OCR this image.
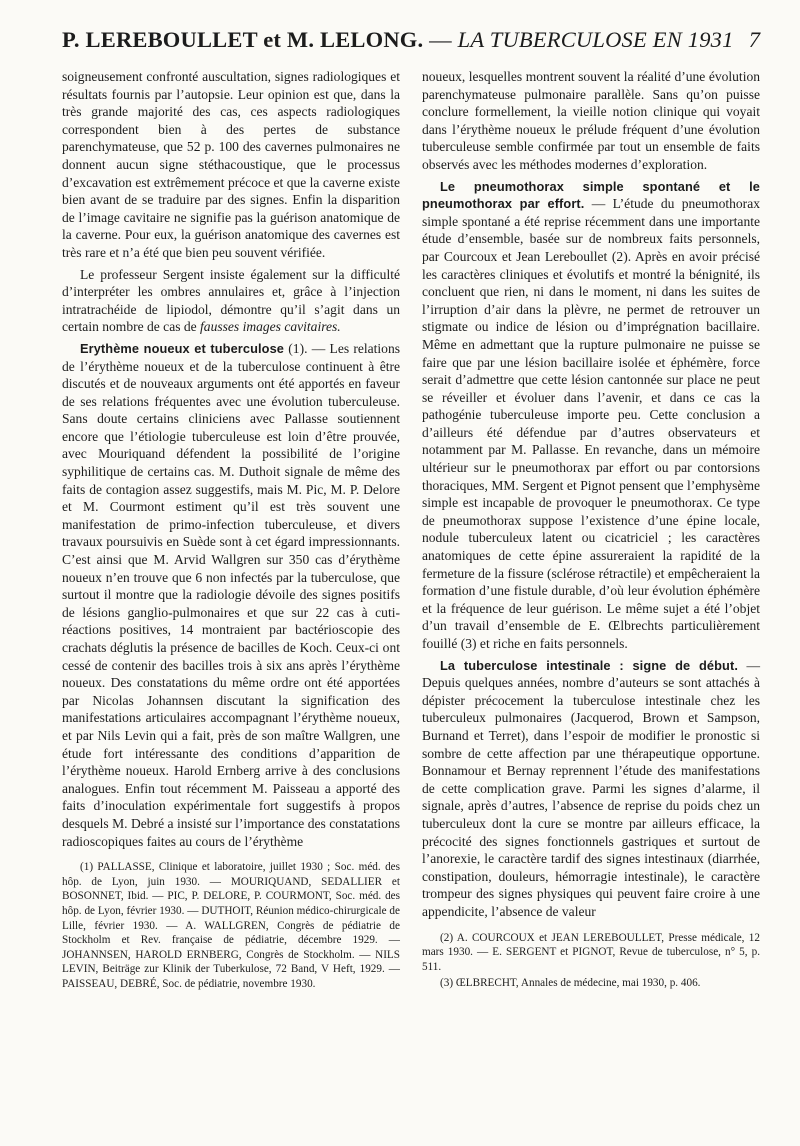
P. LEREBOULLET et M. LELONG. — LA TUBERCULOSE EN 1931 7

soigneusement confronté auscultation, signes radiologiques et résultats fournis par l’autopsie. Leur opinion est que, dans la très grande majorité des cas, ces aspects radiologiques correspondent bien à des pertes de substance parenchymateuse, que 52 p. 100 des cavernes pulmonaires ne donnent aucun signe stéthacoustique, que le processus d’excavation est extrêmement précoce et que la caverne existe bien avant de se traduire par des signes. Enfin la disparition de l’image cavitaire ne signifie pas la guérison anatomique de la caverne. Pour eux, la guérison anatomique des cavernes est très rare et n’a été que bien peu souvent vérifiée.

Le professeur Sergent insiste également sur la difficulté d’interpréter les ombres annulaires et, grâce à l’injection intratrachéide de lipiodol, démontre qu’il s’agit dans un certain nombre de cas de fausses images cavitaires.

Erythème noueux et tuberculose (1). — Les relations de l’érythème noueux et de la tuberculose continuent à être discutés et de nouveaux arguments ont été apportés en faveur de ses relations fréquentes avec une évolution tuberculeuse. Sans doute certains cliniciens avec Pallasse soutiennent encore que l’étiologie tuberculeuse est loin d’être prouvée, avec Mouriquand défendent la possibilité de l’origine syphilitique de certains cas. M. Duthoit signale de même des faits de contagion assez suggestifs, mais M. Pic, M. P. Delore et M. Courmont estiment qu’il est très souvent une manifestation de primo-infection tuberculeuse, et divers travaux poursuivis en Suède sont à cet égard impressionnants. C’est ainsi que M. Arvid Wallgren sur 350 cas d’érythème noueux n’en trouve que 6 non infectés par la tuberculose, que surtout il montre que la radiologie dévoile des signes positifs de lésions ganglio-pulmonaires et que sur 22 cas à cuti-réactions positives, 14 montraient par bactérioscopie des crachats déglutis la présence de bacilles de Koch. Ceux-ci ont cessé de contenir des bacilles trois à six ans après l’érythème noueux. Des constatations du même ordre ont été apportées par Nicolas Johannsen discutant la signification des manifestations articulaires accompagnant l’érythème noueux, et par Nils Levin qui a fait, près de son maître Wallgren, une étude fort intéressante des conditions d’apparition de l’érythème noueux. Harold Ernberg arrive à des conclusions analogues. Enfin tout récemment M. Paisseau a apporté des faits d’inoculation expérimentale fort suggestifs à propos desquels M. Debré a insisté sur l’importance des constatations radioscopiques faites au cours de l’érythème

(1) PALLASSE, Clinique et laboratoire, juillet 1930 ; Soc. méd. des hôp. de Lyon, juin 1930. — MOURIQUAND, SEDALLIER et BOSONNET, Ibid. — PIC, P. DELORE, P. COURMONT, Soc. méd. des hôp. de Lyon, février 1930. — DUTHOIT, Réunion médico-chirurgicale de Lille, février 1930. — A. WALLGREN, Congrès de pédiatrie de Stockholm et Rev. française de pédiatrie, décembre 1929. — JOHANNSEN, HAROLD ERNBERG, Congrès de Stockholm. — NILS LEVIN, Beiträge zur Klinik der Tuberkulose, 72 Band, V Heft, 1929. — PAISSEAU, DEBRÉ, Soc. de pédiatrie, novembre 1930.

noueux, lesquelles montrent souvent la réalité d’une évolution parenchymateuse pulmonaire parallèle. Sans qu’on puisse conclure formellement, la vieille notion clinique qui voyait dans l’érythème noueux le prélude fréquent d’une évolution tuberculeuse semble confirmée par tout un ensemble de faits observés avec les méthodes modernes d’exploration.

Le pneumothorax simple spontané et le pneumothorax par effort. — L’étude du pneumothorax simple spontané a été reprise récemment dans une importante étude d’ensemble, basée sur de nombreux faits personnels, par Courcoux et Jean Lereboullet (2). Après en avoir précisé les caractères cliniques et évolutifs et montré la bénignité, ils concluent que rien, ni dans le moment, ni dans les suites de l’irruption d’air dans la plèvre, ne permet de retrouver un stigmate ou indice de lésion ou d’imprégnation bacillaire. Même en admettant que la rupture pulmonaire ne puisse se faire que par une lésion bacillaire isolée et éphémère, force serait d’admettre que cette lésion cantonnée sur place ne peut se réveiller et évoluer dans l’avenir, et dans ce cas la pathogénie tuberculeuse importe peu. Cette conclusion a d’ailleurs été défendue par d’autres observateurs et notamment par M. Pallasse. En revanche, dans un mémoire ultérieur sur le pneumothorax par effort ou par contorsions thoraciques, MM. Sergent et Pignot pensent que l’emphysème simple est incapable de provoquer le pneumothorax. Ce type de pneumothorax suppose l’existence d’une épine locale, nodule tuberculeux latent ou cicatriciel ; les caractères anatomiques de cette épine assureraient la rapidité de la fermeture de la fissure (sclérose rétractile) et empêcheraient la formation d’une fistule durable, d’où leur évolution éphémère et la fréquence de leur guérison. Le même sujet a été l’objet d’un travail d’ensemble de E. Œlbrechts particulièrement fouillé (3) et riche en faits personnels.

La tuberculose intestinale : signe de début. — Depuis quelques années, nombre d’auteurs se sont attachés à dépister précocement la tuberculose intestinale chez les tuberculeux pulmonaires (Jacquerod, Brown et Sampson, Burnand et Terret), dans l’espoir de modifier le pronostic si sombre de cette affection par une thérapeutique opportune. Bonnamour et Bernay reprennent l’étude des manifestations de cette complication grave. Parmi les signes d’alarme, il signale, après d’autres, l’absence de reprise du poids chez un tuberculeux dont la cure se montre par ailleurs efficace, la précocité des signes fonctionnels gastriques et surtout de l’anorexie, le caractère tardif des signes intestinaux (diarrhée, constipation, douleurs, hémorragie intestinale), le caractère trompeur des signes physiques qui peuvent faire croire à une appendicite, l’absence de valeur

(2) A. COURCOUX et JEAN LEREBOULLET, Presse médicale, 12 mars 1930. — E. SERGENT et PIGNOT, Revue de tuberculose, n° 5, p. 511.

(3) ŒLBRECHT, Annales de médecine, mai 1930, p. 406.
